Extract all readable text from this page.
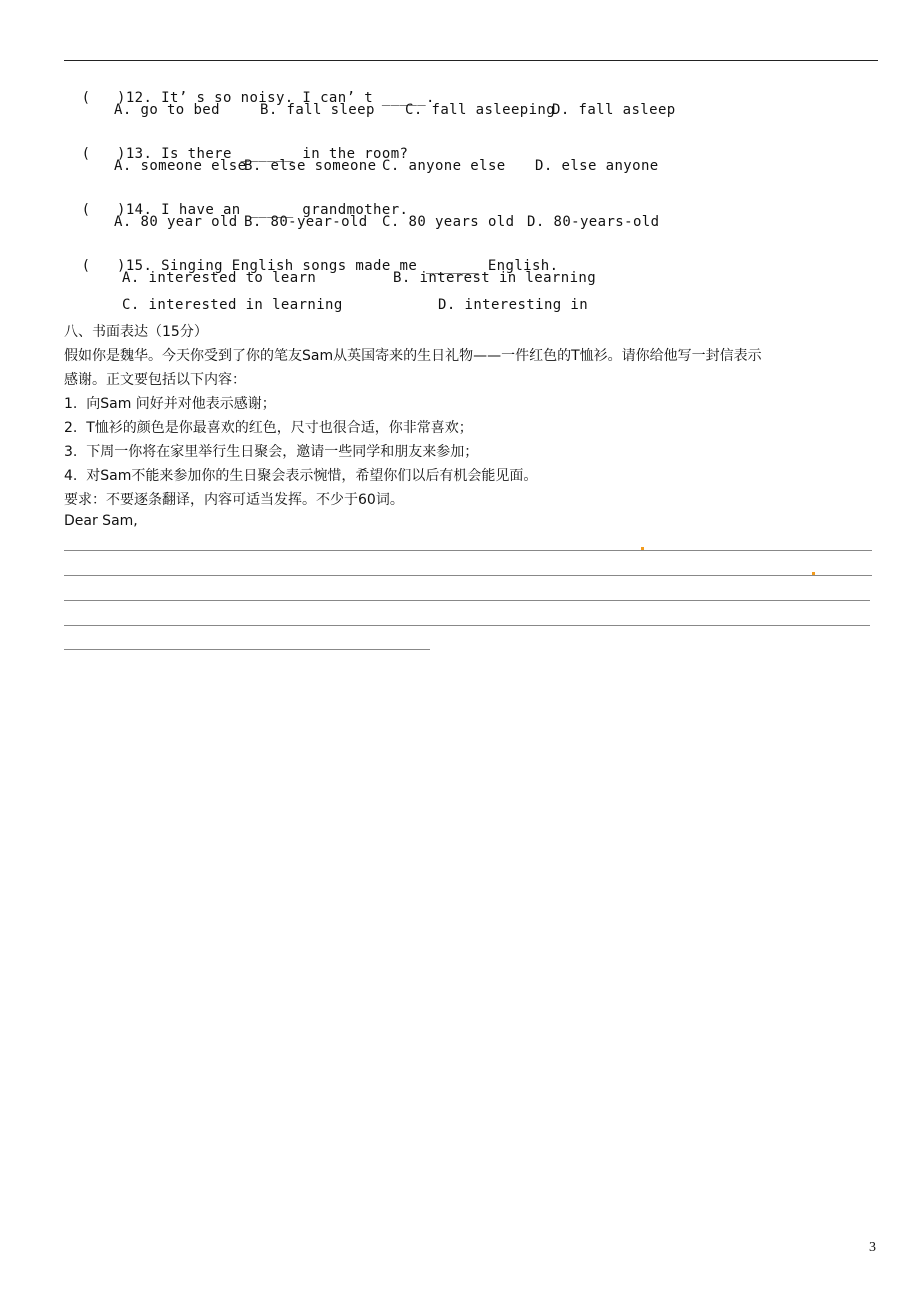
(   )12. It’ s so noisy. I can’ t _____.

A. go to bed	B. fall sleep C. fall asleeping
D. fall asleep

(   )13. Is there ______ in the room?

A. someone else
B. else someone C. anyone else D. else anyone

(   )14. I have an _____ grandmother.

A. 80 year old B. 80-year-old C. 80 years old D. 80-years-old

(   )15. Singing English songs made me ______ English.

A. interested to learn	B. interest in learning
C. interested in learning	D. interesting in
八、书面表达（15分）
假如你是魏华。今天你受到了你的笔友Sam从英国寄来的生日礼物——一件红色的T恤衫。请你给他写一封信表示
感谢。正文要包括以下内容：
1.  向Sam 问好并对他表示感谢；
2.  T恤衫的颜色是你最喜欢的红色，尺寸也很合适，你非常喜欢；
3.  下周一你将在家里举行生日聚会，邀请一些同学和朋友来参加；
4.  对Sam不能来参加你的生日聚会表示惋惜，希望你们以后有机会能见面。
要求：不要逐条翻译，内容可适当发挥。不少于60词。
Dear Sam,
3
